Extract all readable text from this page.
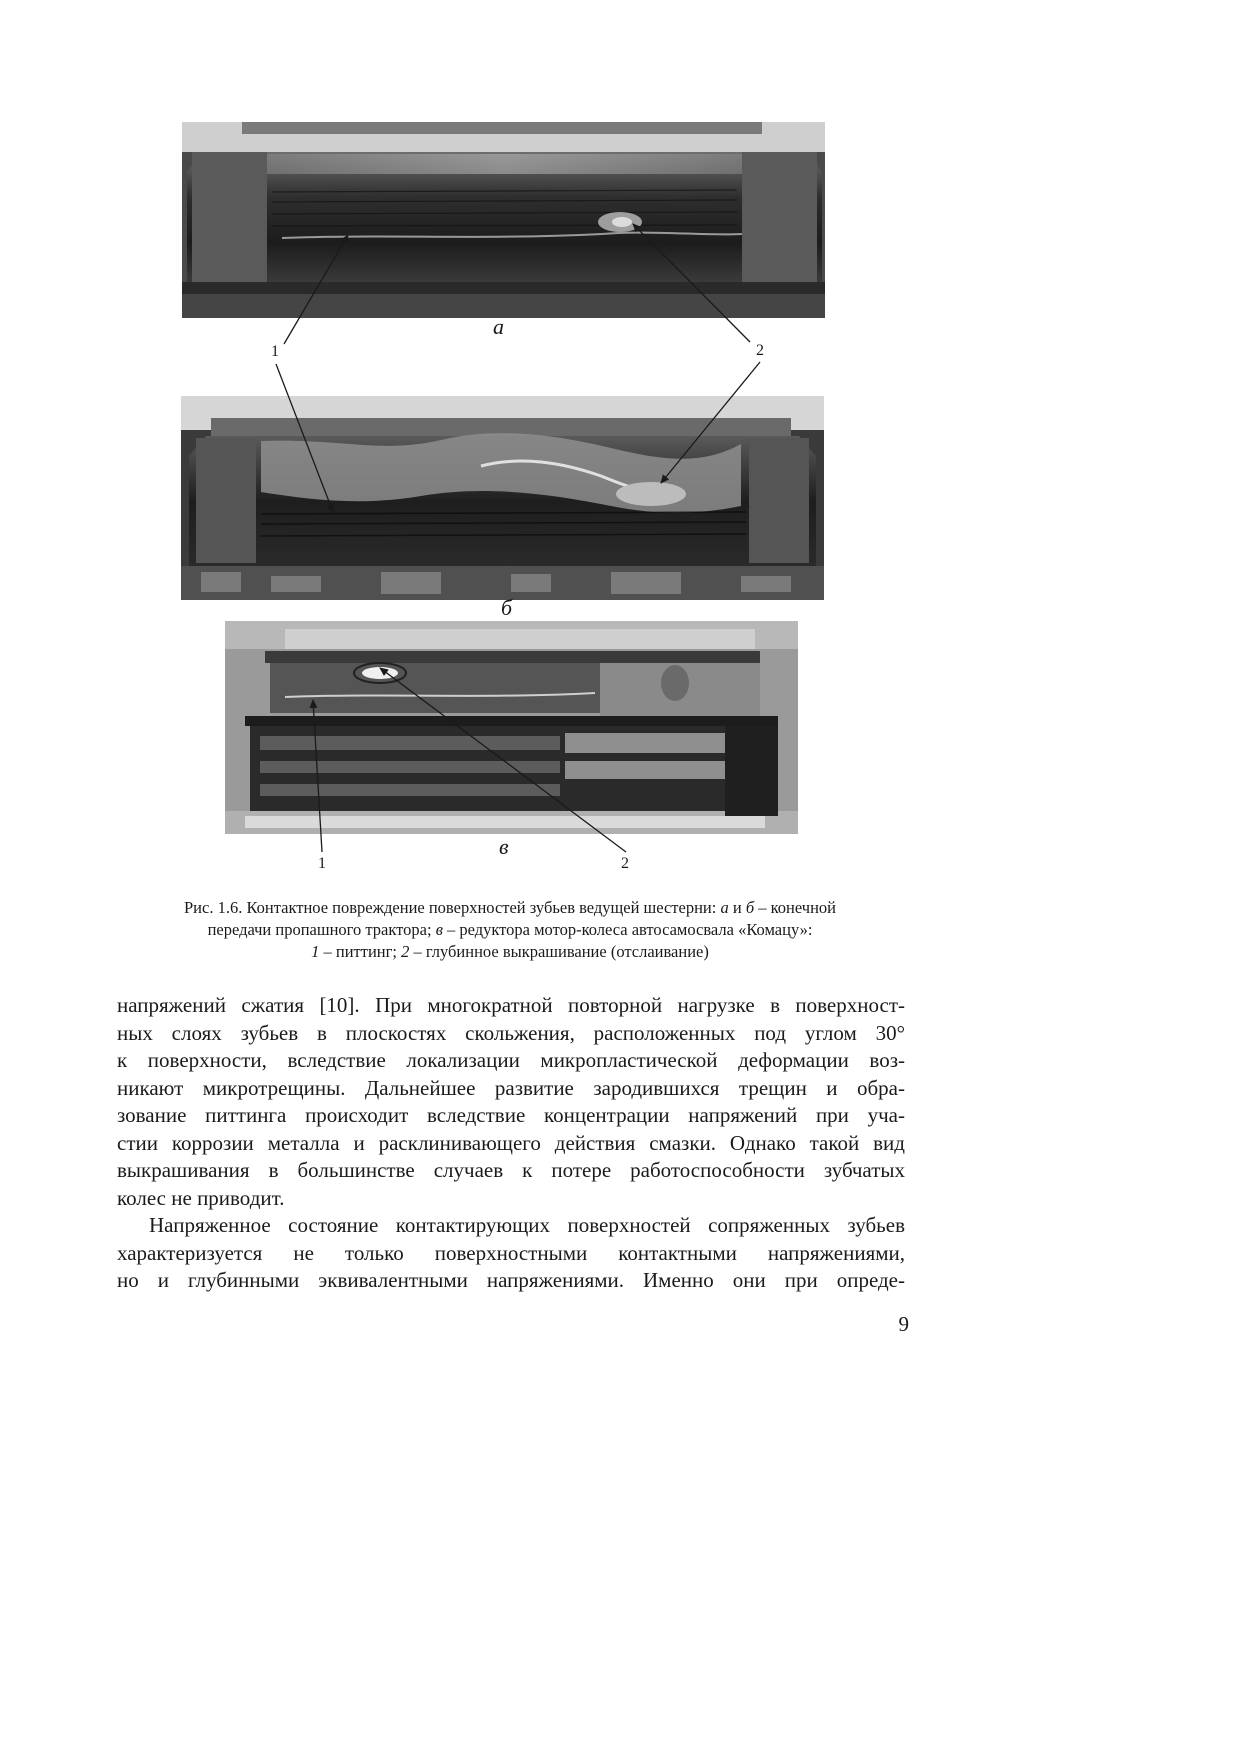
а
б
в
1	2
1	2
Рис. 1.6. Контактное повреждение поверхностей зубьев ведущей шестерни: а и б – конечной
передачи пропашного трактора; в – редуктора мотор-колеса автосамосвала «Комацу»:
1 – питтинг; 2 – глубинное выкрашивание (отслаивание)
напряжений сжатия [10]. При многократной повторной нагрузке в поверхност-
ных слоях зубьев в плоскостях скольжения, расположенных под углом 30°
к поверхности, вследствие локализации микропластической деформации воз-
никают микротрещины. Дальнейшее развитие зародившихся трещин и обра-
зование питтинга происходит вследствие концентрации напряжений при уча-
стии коррозии металла и расклинивающего действия смазки. Однако такой вид
выкрашивания в большинстве случаев к потере работоспособности зубчатых
колес не приводит.
Напряженное состояние контактирующих поверхностей сопряженных зубьев
характеризуется не только поверхностными контактными напряжениями,
но и глубинными эквивалентными напряжениями. Именно они при опреде-
9
